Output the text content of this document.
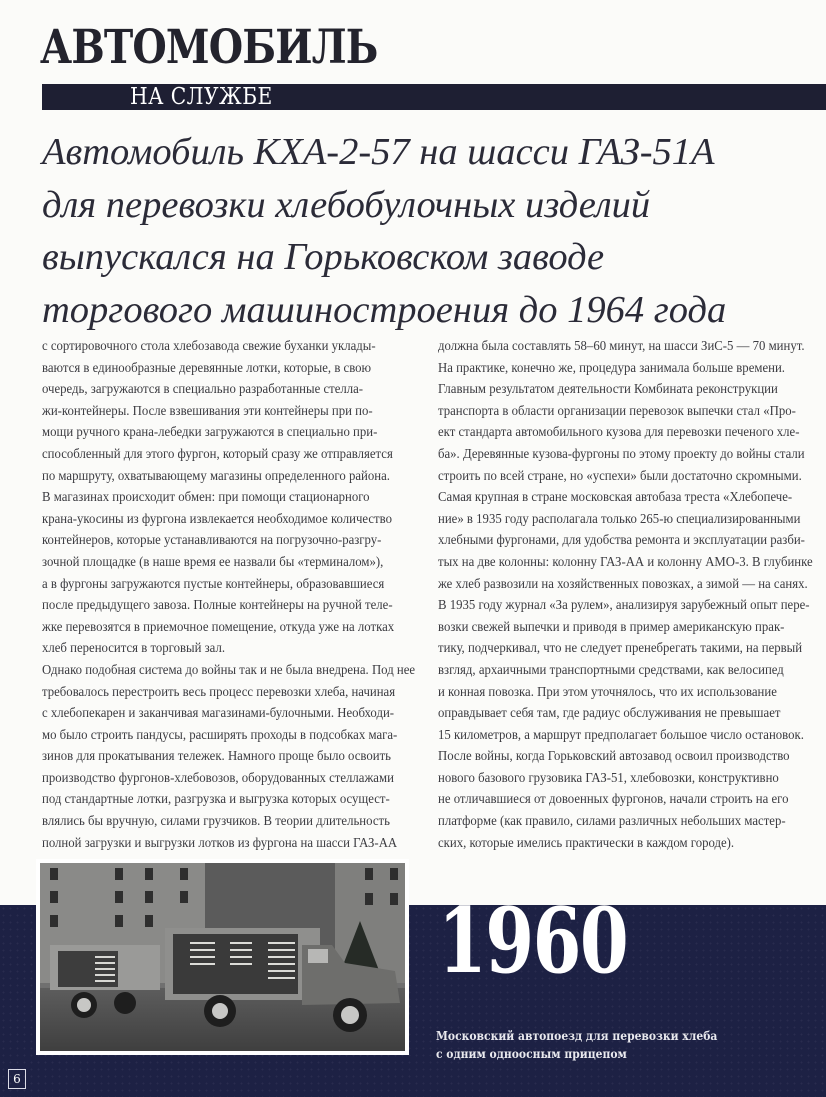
АВТОМОБИЛЬ
НА СЛУЖБЕ
Автомобиль КХА-2-57 на шасси ГАЗ-51А
для перевозки хлебобулочных изделий
выпускался на Горьковском заводе
торгового машиностроения до 1964 года
с сортировочного стола хлебозавода свежие буханки уклады-
ваются в единообразные деревянные лотки, которые, в свою
очередь, загружаются в специально разработанные стелла-
жи-контейнеры. После взвешивания эти контейнеры при по-
мощи ручного крана-лебедки загружаются в специально при-
способленный для этого фургон, который сразу же отправляется
по маршруту, охватывающему магазины определенного района.
В магазинах происходит обмен: при помощи стационарного
крана-укосины из фургона извлекается необходимое количество
контейнеров, которые устанавливаются на погрузочно-разгру-
зочной площадке (в наше время ее назвали бы «терминалом»),
а в фургоны загружаются пустые контейнеры, образовавшиеся
после предыдущего завоза. Полные контейнеры на ручной теле-
жке перевозятся в приемочное помещение, откуда уже на лотках
хлеб переносится в торговый зал.
Однако подобная система до войны так и не была внедрена. Под нее
требовалось перестроить весь процесс перевозки хлеба, начиная
с хлебопекарен и заканчивая магазинами-булочными. Необходи-
мо было строить пандусы, расширять проходы в подсобках мага-
зинов для прокатывания тележек. Намного проще было освоить
производство фургонов-хлебовозов, оборудованных стеллажами
под стандартные лотки, разгрузка и выгрузка которых осущест-
влялись бы вручную, силами грузчиков. В теории длительность
полной загрузки и выгрузки лотков из фургона на шасси ГАЗ-АА
должна была составлять 58–60 минут, на шасси ЗиС-5 — 70 минут.
На практике, конечно же, процедура занимала больше времени.
Главным результатом деятельности Комбината реконструкции
транспорта в области организации перевозок выпечки стал «Про-
ект стандарта автомобильного кузова для перевозки печеного хле-
ба». Деревянные кузова-фургоны по этому проекту до войны стали
строить по всей стране, но «успехи» были достаточно скромными.
Самая крупная в стране московская автобаза треста «Хлебопече-
ние» в 1935 году располагала только 265-ю специализированными
хлебными фургонами, для удобства ремонта и эксплуатации разби-
тых на две колонны: колонну ГАЗ-АА и колонну АМО-3. В глубинке
же хлеб развозили на хозяйственных повозках, а зимой — на санях.
В 1935 году журнал «За рулем», анализируя зарубежный опыт пере-
возки свежей выпечки и приводя в пример американскую прак-
тику, подчеркивал, что не следует пренебрегать такими, на первый
взгляд, архаичными транспортными средствами, как велосипед
и конная повозка. При этом уточнялось, что их использование
оправдывает себя там, где радиус обслуживания не превышает
15 километров, а маршрут предполагает большое число остановок.
После войны, когда Горьковский автозавод освоил производство
нового базового грузовика ГАЗ-51, хлебовозки, конструктивно
не отличавшиеся от довоенных фургонов, начали строить на его
платформе (как правило, силами различных небольших мастер-
ских, которые имелись практически в каждом городе).
1960
Московский автопоезд для перевозки хлеба
с одним одноосным прицепом
6
